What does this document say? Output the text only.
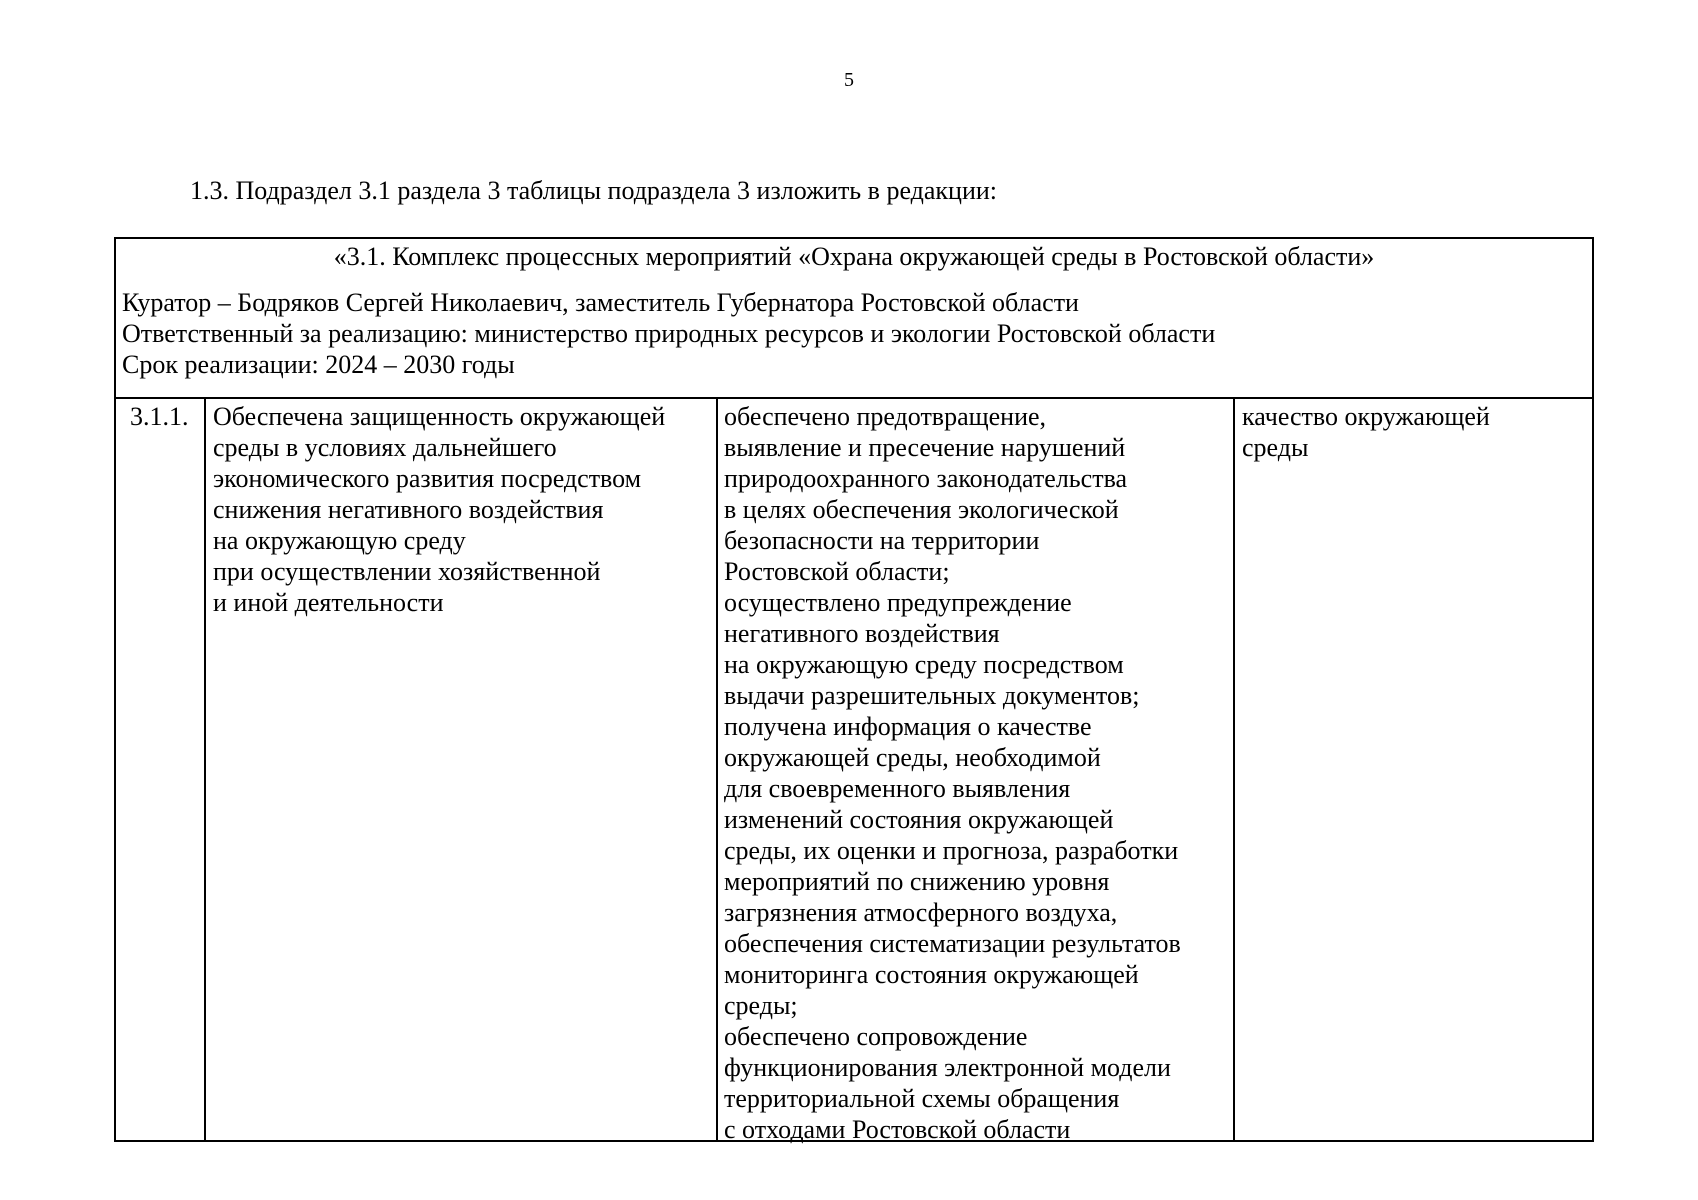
5
1.3. Подраздел 3.1 раздела 3 таблицы подраздела 3 изложить в редакции:
«3.1. Комплекс процессных мероприятий «Охрана окружающей среды в Ростовской области»
Куратор – Бодряков Сергей Николаевич, заместитель Губернатора Ростовской области
Ответственный за реализацию: министерство природных ресурсов и экологии Ростовской области
Срок реализации: 2024 – 2030 годы
3.1.1. Обеспечена защищенность окружающей
среды в условиях дальнейшего
экономического развития посредством
снижения негативного воздействия
на окружающую среду
при осуществлении хозяйственной
и иной деятельности
обеспечено предотвращение,
выявление и пресечение нарушений
природоохранного законодательства
в целях обеспечения экологической
безопасности на территории
Ростовской области;
осуществлено предупреждение
негативного воздействия
на окружающую среду посредством
выдачи разрешительных документов;
получена информация о качестве
окружающей среды, необходимой
для своевременного выявления
изменений состояния окружающей
среды, их оценки и прогноза, разработки
мероприятий по снижению уровня
загрязнения атмосферного воздуха,
обеспечения систематизации результатов
мониторинга состояния окружающей
среды;
обеспечено сопровождение
функционирования электронной модели
территориальной схемы обращения
с отходами Ростовской области
качество окружающей
среды
